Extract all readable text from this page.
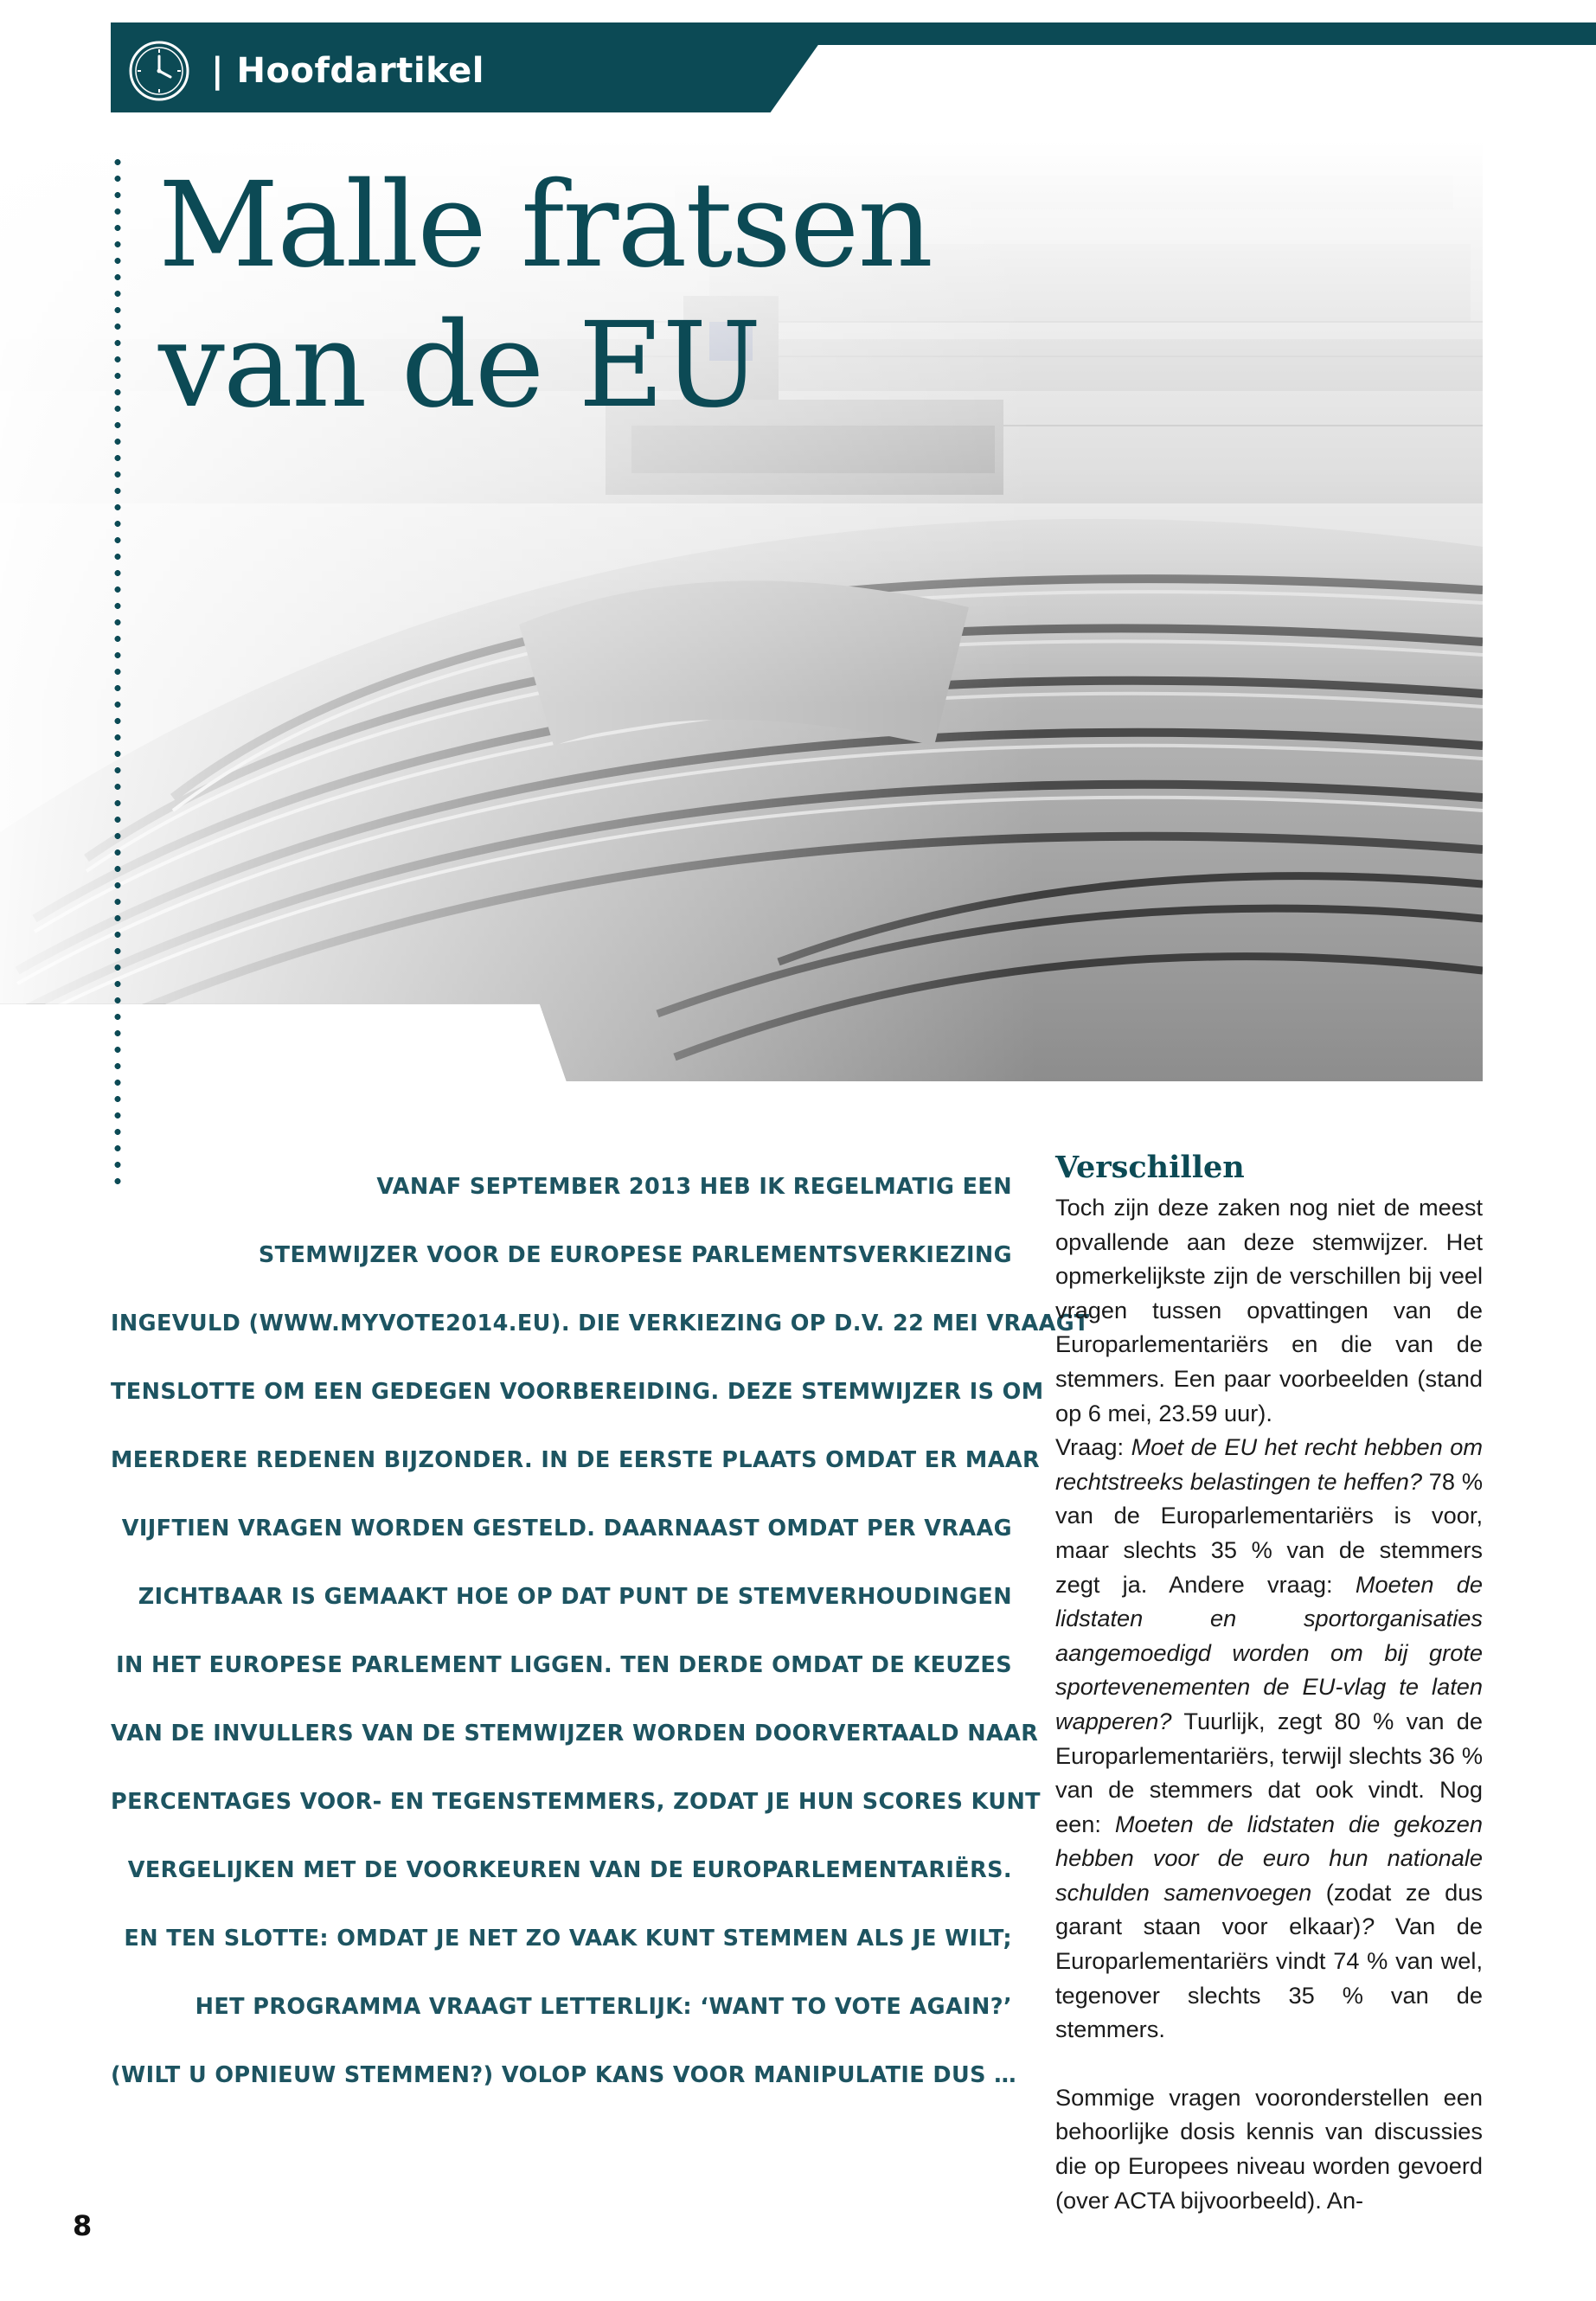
| Hoofdartikel
Malle fratsen
van de EU

VANAF SEPTEMBER 2013 HEB IK REGELMATIG EEN

STEMWIJZER VOOR DE EUROPESE PARLEMENTSVERKIEZING

INGEVULD (WWW.MYVOTE2014.EU). DIE VERKIEZING OP D.V. 22 MEI VRAAGT

TENSLOTTE OM EEN GEDEGEN VOORBEREIDING. DEZE STEMWIJZER IS OM

MEERDERE REDENEN BIJZONDER. IN DE EERSTE PLAATS OMDAT ER MAAR

VIJFTIEN VRAGEN WORDEN GESTELD. DAARNAAST OMDAT PER VRAAG

ZICHTBAAR IS GEMAAKT HOE OP DAT PUNT DE STEMVERHOUDINGEN

IN HET EUROPESE PARLEMENT LIGGEN. TEN DERDE OMDAT DE KEUZES

VAN DE INVULLERS VAN DE STEMWIJZER WORDEN DOORVERTAALD NAAR

PERCENTAGES VOOR- EN TEGENSTEMMERS, ZODAT JE HUN SCORES KUNT

VERGELIJKEN MET DE VOORKEUREN VAN DE EUROPARLEMENTARIËRS.

EN TEN SLOTTE: OMDAT JE NET ZO VAAK KUNT STEMMEN ALS JE WILT;

HET PROGRAMMA VRAAGT LETTERLIJK: ‘WANT TO VOTE AGAIN?’

(WILT U OPNIEUW STEMMEN?) VOLOP KANS VOOR MANIPULATIE DUS …

Verschillen

Toch zijn deze zaken nog niet de meest opvallende aan deze stemwijzer. Het opmerkelijkste zijn de verschillen bij veel vragen tussen opvattingen van de Europarlementariërs en die van de stemmers. Een paar voorbeelden (stand op 6 mei, 23.59 uur).

Vraag: Moet de EU het recht hebben om rechtstreeks belastingen te heffen? 78 % van de Europarlementariërs is voor, maar slechts 35 % van de stemmers zegt ja. Andere vraag: Moeten de lidstaten en sportorganisaties aangemoedigd worden om bij grote sportevenementen de EU-vlag te laten wapperen? Tuurlijk, zegt 80 % van de Europarlementariërs, terwijl slechts 36 % van de stemmers dat ook vindt. Nog een: Moeten de lidstaten die gekozen hebben voor de euro hun nationale schulden samenvoegen (zodat ze dus garant staan voor elkaar)? Van de Europarlementariërs vindt 74 % van wel, tegenover slechts 35 % van de stemmers.

Sommige vragen vooronderstellen een behoorlijke dosis kennis van discussies die op Europees niveau worden gevoerd (over ACTA bijvoorbeeld). An-

8
